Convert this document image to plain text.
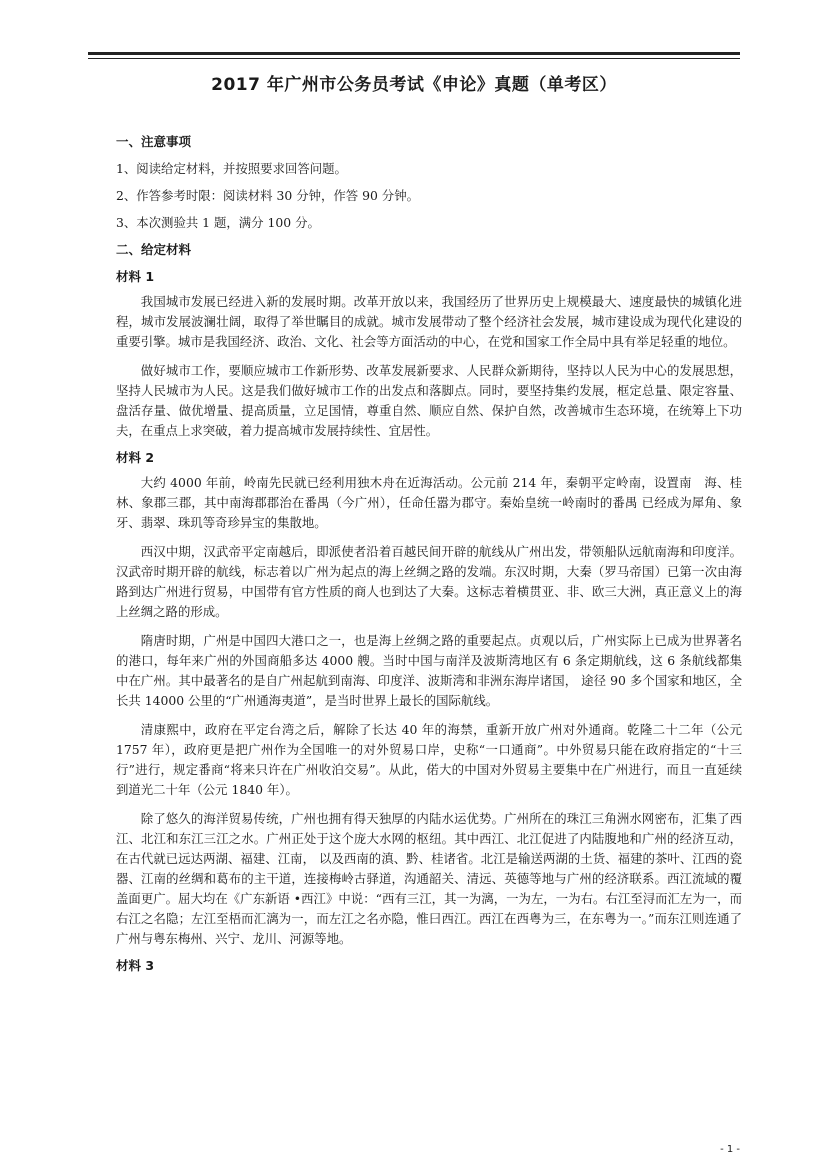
2017 年广州市公务员考试《申论》真题（单考区）
一、注意事项
1、阅读给定材料，并按照要求回答问题。
2、作答参考时限：阅读材料 30 分钟，作答 90 分钟。
3、本次测验共 1 题，满分 100 分。
二、给定材料
材料 1

我国城市发展已经进入新的发展时期。改革开放以来，我国经历了世界历史上规模最大、速度最快的城镇化进程，城市发展波澜壮阔，取得了举世瞩目的成就。城市发展带动了整个经济社会发展，城市建设成为现代化建设的重要引擎。城市是我国经济、政治、文化、社会等方面活动的中心，在党和国家工作全局中具有举足轻重的地位。

做好城市工作，要顺应城市工作新形势、改革发展新要求、人民群众新期待，坚持以人民为中心的发展思想，坚持人民城市为人民。这是我们做好城市工作的出发点和落脚点。同时，要坚持集约发展，框定总量、限定容量、盘活存量、做优增量、提高质量，立足国情，尊重自然、顺应自然、保护自然，改善城市生态环境，在统筹上下功夫，在重点上求突破，着力提高城市发展持续性、宜居性。

材料 2

大约 4000 年前，岭南先民就已经利用独木舟在近海活动。公元前 214 年，秦朝平定岭南，设置南　海、桂林、象郡三郡，其中南海郡郡治在番禺（今广州），任命任嚣为郡守。秦始皇统一岭南时的番禺 已经成为犀角、象牙、翡翠、珠玑等奇珍异宝的集散地。

西汉中期，汉武帝平定南越后，即派使者沿着百越民间开辟的航线从广州出发，带领船队远航南海和印度洋。汉武帝时期开辟的航线，标志着以广州为起点的海上丝绸之路的发端。东汉时期，大秦（罗马帝国）已第一次由海路到达广州进行贸易，中国带有官方性质的商人也到达了大秦。这标志着横贯亚、非、欧三大洲，真正意义上的海上丝绸之路的形成。

隋唐时期，广州是中国四大港口之一，也是海上丝绸之路的重要起点。贞观以后，广州实际上已成为世界著名的港口，每年来广州的外国商船多达 4000 艘。当时中国与南洋及波斯湾地区有 6 条定期航线，这 6 条航线都集中在广州。其中最著名的是自广州起航到南海、印度洋、波斯湾和非洲东海岸诸国， 途径 90 多个国家和地区，全长共 14000 公里的“广州通海夷道”，是当时世界上最长的国际航线。

清康熙中，政府在平定台湾之后，解除了长达 40 年的海禁，重新开放广州对外通商。乾隆二十二年（公元 1757 年），政府更是把广州作为全国唯一的对外贸易口岸，史称“一口通商”。中外贸易只能在政府指定的“十三行”进行，规定番商“将来只许在广州收泊交易”。从此，偌大的中国对外贸易主要集中在广州进行，而且一直延续到道光二十年（公元 1840 年）。

除了悠久的海洋贸易传统，广州也拥有得天独厚的内陆水运优势。广州所在的珠江三角洲水网密布，汇集了西江、北江和东江三江之水。广州正处于这个庞大水网的枢纽。其中西江、北江促进了内陆腹地和广州的经济互动，在古代就已远达两湖、福建、江南， 以及西南的滇、黔、桂诸省。北江是输送两湖的土货、福建的茶叶、江西的瓷器、江南的丝绸和葛布的主干道，连接梅岭古驿道，沟通韶关、清远、英德等地与广州的经济联系。西江流域的覆盖面更广。屈大均在《广东新语 •西江》中说：“西有三江，其一为漓，一为左，一为右。右江至浔而汇左为一，而右江之名隐；左江至梧而汇漓为一，而左江之名亦隐，惟曰西江。西江在西粤为三，在东粤为一。”而东江则连通了广州与粤东梅州、兴宁、龙川、河源等地。

材料 3
- 1 -
